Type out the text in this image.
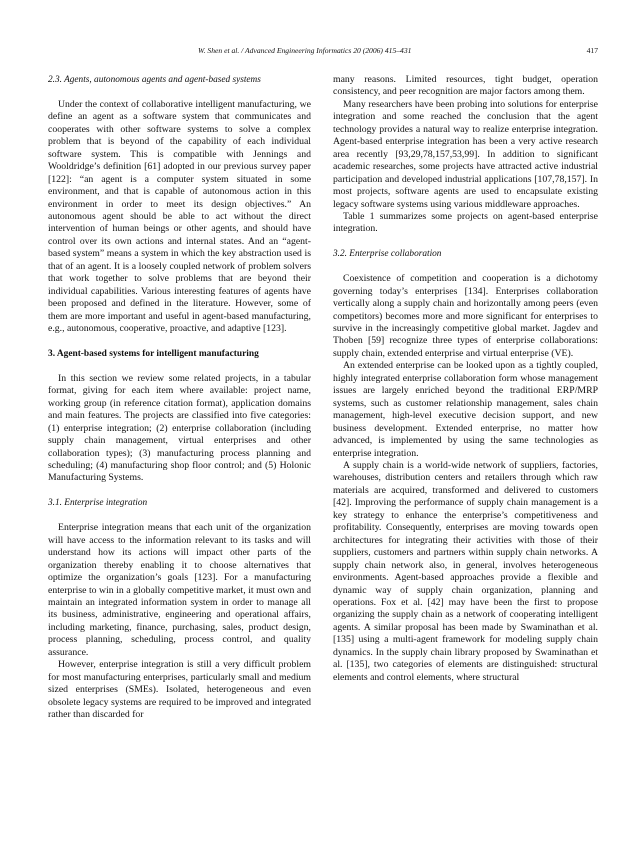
W. Shen et al. / Advanced Engineering Informatics 20 (2006) 415–431	417
2.3. Agents, autonomous agents and agent-based systems

Under the context of collaborative intelligent manufacturing, we define an agent as a software system that communicates and cooperates with other software systems to solve a complex problem that is beyond of the capability of each individual software system. This is compatible with Jennings and Wooldridge’s definition [61] adopted in our previous survey paper [122]: “an agent is a computer system situated in some environment, and that is capable of autonomous action in this environment in order to meet its design objectives.” An autonomous agent should be able to act without the direct intervention of human beings or other agents, and should have control over its own actions and internal states. And an “agent-based system” means a system in which the key abstraction used is that of an agent. It is a loosely coupled network of problem solvers that work together to solve problems that are beyond their individual capabilities. Various interesting features of agents have been proposed and defined in the literature. However, some of them are more important and useful in agent-based manufacturing, e.g., autonomous, cooperative, proactive, and adaptive [123].

3. Agent-based systems for intelligent manufacturing

In this section we review some related projects, in a tabular format, giving for each item where available: project name, working group (in reference citation format), application domains and main features. The projects are classified into five categories: (1) enterprise integration; (2) enterprise collaboration (including supply chain management, virtual enterprises and other collaboration types); (3) manufacturing process planning and scheduling; (4) manufacturing shop floor control; and (5) Holonic Manufacturing Systems.

3.1. Enterprise integration

Enterprise integration means that each unit of the organization will have access to the information relevant to its tasks and will understand how its actions will impact other parts of the organization thereby enabling it to choose alternatives that optimize the organization’s goals [123]. For a manufacturing enterprise to win in a globally competitive market, it must own and maintain an integrated information system in order to manage all its business, administrative, engineering and operational affairs, including marketing, finance, purchasing, sales, product design, process planning, scheduling, process control, and quality assurance.

However, enterprise integration is still a very difficult problem for most manufacturing enterprises, particularly small and medium sized enterprises (SMEs). Isolated, heterogeneous and even obsolete legacy systems are required to be improved and integrated rather than discarded for

many reasons. Limited resources, tight budget, operation consistency, and peer recognition are major factors among them.

Many researchers have been probing into solutions for enterprise integration and some reached the conclusion that the agent technology provides a natural way to realize enterprise integration. Agent-based enterprise integration has been a very active research area recently [93,29,78,157,53,99]. In addition to significant academic researches, some projects have attracted active industrial participation and developed industrial applications [107,78,157]. In most projects, software agents are used to encapsulate existing legacy software systems using various middleware approaches.

Table 1 summarizes some projects on agent-based enterprise integration.

3.2. Enterprise collaboration

Coexistence of competition and cooperation is a dichotomy governing today’s enterprises [134]. Enterprises collaboration vertically along a supply chain and horizontally among peers (even competitors) becomes more and more significant for enterprises to survive in the increasingly competitive global market. Jagdev and Thoben [59] recognize three types of enterprise collaborations: supply chain, extended enterprise and virtual enterprise (VE).

An extended enterprise can be looked upon as a tightly coupled, highly integrated enterprise collaboration form whose management issues are largely enriched beyond the traditional ERP/MRP systems, such as customer relationship management, sales chain management, high-level executive decision support, and new business development. Extended enterprise, no matter how advanced, is implemented by using the same technologies as enterprise integration.

A supply chain is a world-wide network of suppliers, factories, warehouses, distribution centers and retailers through which raw materials are acquired, transformed and delivered to customers [42]. Improving the performance of supply chain management is a key strategy to enhance the enterprise’s competitiveness and profitability. Consequently, enterprises are moving towards open architectures for integrating their activities with those of their suppliers, customers and partners within supply chain networks. A supply chain network also, in general, involves heterogeneous environments. Agent-based approaches provide a flexible and dynamic way of supply chain organization, planning and operations. Fox et al. [42] may have been the first to propose organizing the supply chain as a network of cooperating intelligent agents. A similar proposal has been made by Swaminathan et al. [135] using a multi-agent framework for modeling supply chain dynamics. In the supply chain library proposed by Swaminathan et al. [135], two categories of elements are distinguished: structural elements and control elements, where structural
